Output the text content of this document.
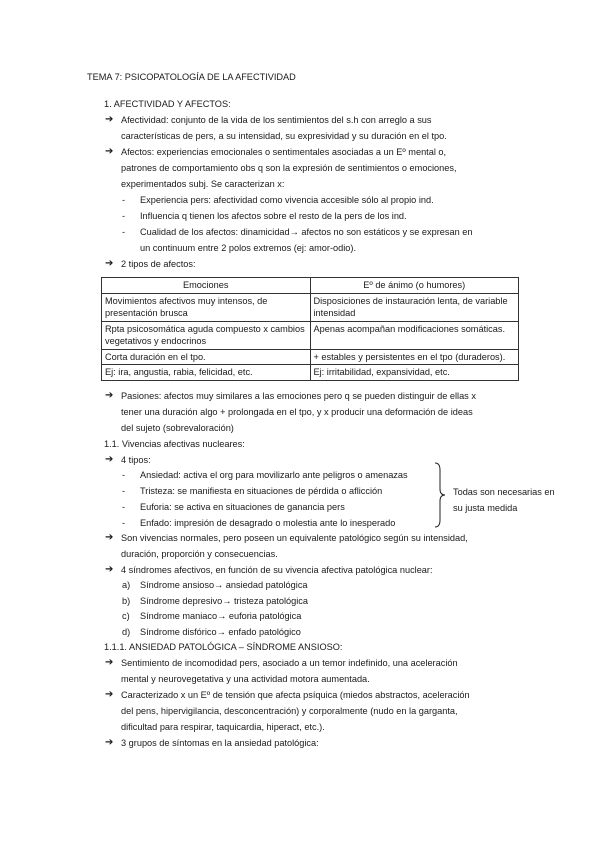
TEMA 7: PSICOPATOLOGÍA DE LA AFECTIVIDAD
1. AFECTIVIDAD Y AFECTOS:
➔ Afectividad: conjunto de la vida de los sentimientos del s.h con arreglo a sus
características de pers, a su intensidad, su expresividad y su duración en el tpo.
➔ Afectos: experiencias emocionales o sentimentales asociadas a un Eº mental o,
patrones de comportamiento obs q son la expresión de sentimientos o emociones,
experimentados subj. Se caracterizan x:
- Experiencia pers: afectividad como vivencia accesible sólo al propio ind.
- Influencia q tienen los afectos sobre el resto de la pers de los ind.
- Cualidad de los afectos: dinamicidad→ afectos no son estáticos y se expresan en
un continuum entre 2 polos extremos (ej: amor-odio).
➔ 2 tipos de afectos:
Emociones	Eº de ánimo (o humores)
Movimientos afectivos muy intensos, de presentación brusca	Disposiciones de instauración lenta, de variable intensidad
Rpta psicosomática aguda compuesto x cambios vegetativos y endocrinos	Apenas acompañan modificaciones somáticas.
Corta duración en el tpo.	+ estables y persistentes en el tpo (duraderos).
Ej: ira, angustia, rabia, felicidad, etc.	Ej: irritabilidad, expansividad, etc.
➔ Pasiones: afectos muy similares a las emociones pero q se pueden distinguir de ellas x
tener una duración algo + prolongada en el tpo, y x producir una deformación de ideas
del sujeto (sobrevaloración)
1.1. Vivencias afectivas nucleares:
➔ 4 tipos:
- Ansiedad: activa el org para movilizarlo ante peligros o amenazas
- Tristeza: se manifiesta en situaciones de pérdida o aflicción
- Euforia: se activa en situaciones de ganancia pers
- Enfado: impresión de desagrado o molestia ante lo inesperado
Todas son necesarias en
su justa medida
➔ Son vivencias normales, pero poseen un equivalente patológico según su intensidad,
duración, proporción y consecuencias.
➔ 4 síndromes afectivos, en función de su vivencia afectiva patológica nuclear:
a) Síndrome ansioso→ ansiedad patológica
b) Síndrome depresivo→ tristeza patológica
c) Síndrome maniaco→ euforia patológica
d) Síndrome disfórico→ enfado patológico
1.1.1. ANSIEDAD PATOLÓGICA – SÍNDROME ANSIOSO:
➔ Sentimiento de incomodidad pers, asociado a un temor indefinido, una aceleración
mental y neurovegetativa y una actividad motora aumentada.
➔ Caracterizado x un Eº de tensión que afecta psíquica (miedos abstractos, aceleración
del pens, hipervigilancia, desconcentración) y corporalmente (nudo en la garganta,
dificultad para respirar, taquicardia, hiperact, etc.).
➔ 3 grupos de síntomas en la ansiedad patológica:
